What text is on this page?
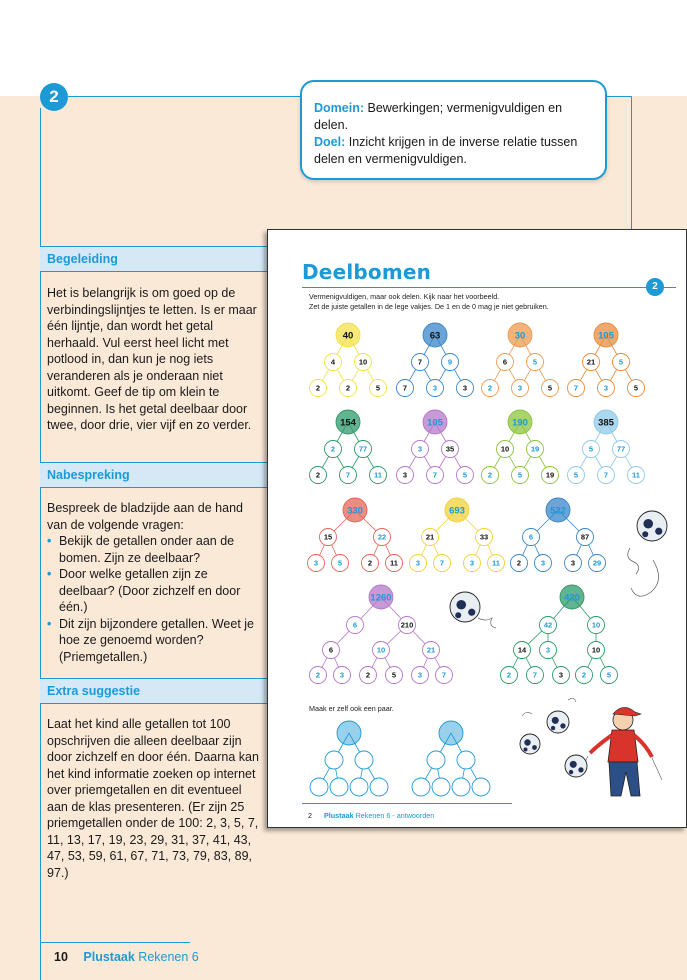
2
Domein: Bewerkingen; vermenigvuldigen en delen.
Doel: Inzicht krijgen in de inverse relatie tussen delen en vermenigvuldigen.
Begeleiding

Het is belangrijk is om goed op de verbindingslijntjes te letten. Is er maar één lijntje, dan wordt het getal herhaald. Vul eerst heel licht met potlood in, dan kun je nog iets veranderen als je onderaan niet uitkomt. Geef de tip om klein te beginnen. Is het getal deelbaar door twee, door drie, vier vijf en zo verder.

Nabespreking

Bespreek de bladzijde aan de hand van de volgende vragen:

• Bekijk de getallen onder aan de bomen. Zijn ze deelbaar?
• Door welke getallen zijn ze deelbaar? (Door zichzelf en door één.)
• Dit zijn bijzondere getallen. Weet je hoe ze genoemd worden? (Priemgetallen.)
Extra suggestie

Laat het kind alle getallen tot 100 opschrijven die alleen deelbaar zijn door zichzelf en door één. Daarna kan het kind informatie zoeken op internet over priemgetallen en dit eventueel aan de klas presenteren. (Er zijn 25 priemgetallen onder de 100: 2, 3, 5, 7, 11, 13, 17, 19, 23, 29, 31, 37, 41, 43, 47, 53, 59, 61, 67, 71, 73, 79, 83, 89, 97.)

10 Plustaak Rekenen 6
Deelbomen
2
Vermenigvuldigen, maar ook delen. Kijk naar het voorbeeld.
Zet de juiste getallen in de lege vakjes. De 1 en de 0 mag je niet gebruiken.
40
4	10
2	2	5
63
7	9
7	3	3
30
6	5
2	3	5
105
21	5
7	3	5
154
2	77
2	7	11
105
3	35
3	7	5
190
10	19
2	5	19
385
5	77
5	7	11
330
15	22
3	5	2 11
693
21	33
3	7	3 11
522
6	87
2	3	3 29
1260
6	210
6	10	21
2	3	2	5	3	7
420
42	10
14	3	10
2	7	3	2	5
Maak er zelf ook een paar.
2 Plustaak Rekenen 6 - antwoorden
